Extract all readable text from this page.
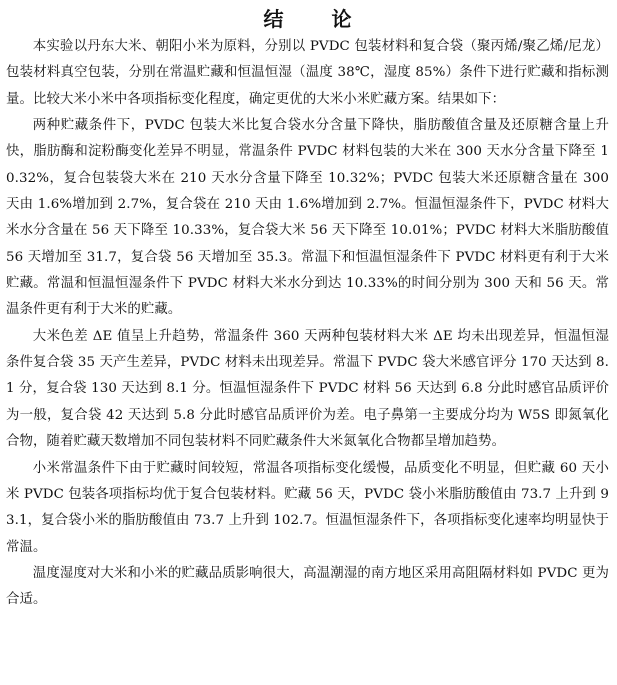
结　论

本实验以丹东大米、朝阳小米为原料，分别以 PVDC 包装材料和复合袋（聚丙烯/聚乙烯/尼龙）包装材料真空包装，分别在常温贮藏和恒温恒湿（温度 38℃，湿度 85%）条件下进行贮藏和指标测量。比较大米小米中各项指标变化程度，确定更优的大米小米贮藏方案。结果如下：

两种贮藏条件下，PVDC 包装大米比复合袋水分含量下降快，脂肪酸值含量及还原糖含量上升快，脂肪酶和淀粉酶变化差异不明显，常温条件 PVDC 材料包装的大米在 300 天水分含量下降至 10.32%，复合包装袋大米在 210 天水分含量下降至 10.32%；PVDC 包装大米还原糖含量在 300 天由 1.6%增加到 2.7%，复合袋在 210 天由 1.6%增加到 2.7%。恒温恒湿条件下，PVDC 材料大米水分含量在 56 天下降至 10.33%，复合袋大米 56 天下降至 10.01%；PVDC 材料大米脂肪酸值 56 天增加至 31.7，复合袋 56 天增加至 35.3。常温下和恒温恒湿条件下 PVDC 材料更有利于大米贮藏。常温和恒温恒湿条件下 PVDC 材料大米水分到达 10.33%的时间分别为 300 天和 56 天。常温条件更有利于大米的贮藏。

大米色差 ΔE 值呈上升趋势，常温条件 360 天两种包装材料大米 ΔE 均未出现差异，恒温恒湿条件复合袋 35 天产生差异，PVDC 材料未出现差异。常温下 PVDC 袋大米感官评分 170 天达到 8.1 分，复合袋 130 天达到 8.1 分。恒温恒湿条件下 PVDC 材料 56 天达到 6.8 分此时感官品质评价为一般，复合袋 42 天达到 5.8 分此时感官品质评价为差。电子鼻第一主要成分均为 W5S 即氮氧化合物，随着贮藏天数增加不同包装材料不同贮藏条件大米氮氧化合物都呈增加趋势。

小米常温条件下由于贮藏时间较短，常温各项指标变化缓慢，品质变化不明显，但贮藏 60 天小米 PVDC 包装各项指标均优于复合包装材料。贮藏 56 天，PVDC 袋小米脂肪酸值由 73.7 上升到 93.1，复合袋小米的脂肪酸值由 73.7 上升到 102.7。恒温恒湿条件下，各项指标变化速率均明显快于常温。

温度湿度对大米和小米的贮藏品质影响很大，高温潮湿的南方地区采用高阻隔材料如 PVDC 更为合适。
